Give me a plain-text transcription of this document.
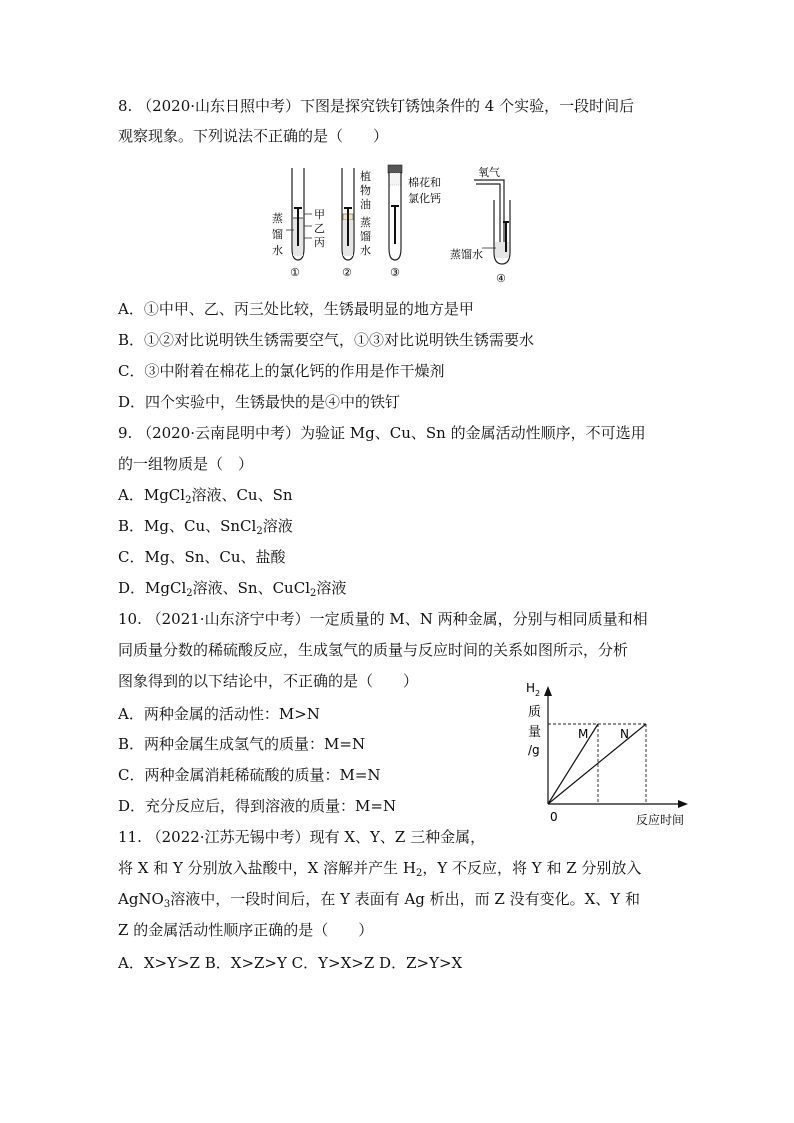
8. （2020·山东日照中考）下图是探究铁钉锈蚀条件的 4 个实验，一段时间后
观察现象。下列说法不正确的是（　　）
蒸
馏
水
甲
乙
丙
①
植
物
油
蒸
馏
水
②
棉花和
氯化钙
③
氧气
蒸馏水
④
A．①中甲、乙、丙三处比较，生锈最明显的地方是甲
B．①②对比说明铁生锈需要空气，①③对比说明铁生锈需要水
C．③中附着在棉花上的氯化钙的作用是作干燥剂
D．四个实验中，生锈最快的是④中的铁钉
9. （2020·云南昆明中考）为验证 Mg、Cu、Sn 的金属活动性顺序，不可选用
的一组物质是（　）
A．MgCl$_2$溶液、Cu、Sn
B．Mg、Cu、SnCl$_2$溶液
C．Mg、Sn、Cu、盐酸
D．MgCl$_2$溶液、Sn、CuCl$_2$溶液
10. （2021·山东济宁中考）一定质量的 M、N 两种金属，分别与相同质量和相
同质量分数的稀硫酸反应，生成氢气的质量与反应时间的关系如图所示，分析
图象得到的以下结论中，不正确的是（　　）
A．两种金属的活动性：M>N
B．两种金属生成氢气的质量：M=N
C．两种金属消耗稀硫酸的质量：M=N
D．充分反应后，得到溶液的质量：M=N
H 2
质
量
/g
0	反应时间
M	N
11. （2022·江苏无锡中考）现有 X、Y、Z 三种金属，
将 X 和 Y 分别放入盐酸中，X 溶解并产生 $H_2$，Y 不反应，将 Y 和 Z 分别放入
AgNO$_3$溶液中，一段时间后，在 Y 表面有 Ag 析出，而 Z 没有变化。X、Y 和
Z 的金属活动性顺序正确的是（　　）
A．X>Y>Z B．X>Z>Y C．Y>X>Z D．Z>Y>X
